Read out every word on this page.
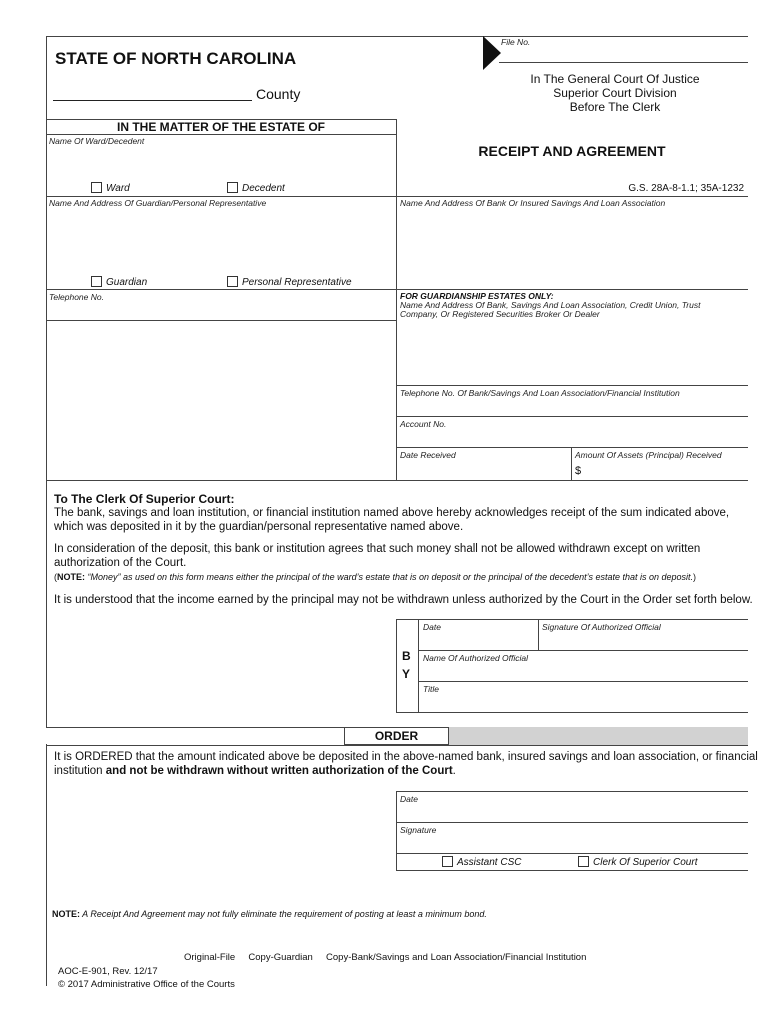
File No.
STATE OF NORTH CAROLINA
County
In The General Court Of Justice
Superior Court Division
Before The Clerk
IN THE MATTER OF THE ESTATE OF
Name Of Ward/Decedent
RECEIPT AND AGREEMENT
Ward	Decedent	G.S. 28A-8-1.1; 35A-1232
Name And Address Of Guardian/Personal Representative	Name And Address Of Bank Or Insured Savings And Loan Association
Guardian	Personal Representative
Telephone No.	FOR GUARDIANSHIP ESTATES ONLY:
Name And Address Of Bank, Savings And Loan Association, Credit Union, Trust
Company, Or Registered Securities Broker Or Dealer
Telephone No. Of Bank/Savings And Loan Association/Financial Institution
Account No.
Date Received	Amount Of Assets (Principal) Received
$
To The Clerk Of Superior Court:
The bank, savings and loan institution, or financial institution named above hereby acknowledges receipt of the sum indicated above,
which was deposited in it by the guardian/personal representative named above.
In consideration of the deposit, this bank or institution agrees that such money shall not be allowed withdrawn except on written
authorization of the Court.
(NOTE: “Money” as used on this form means either the principal of the ward’s estate that is on deposit or the principal of the decedent’s estate that is on deposit.)
It is understood that the income earned by the principal may not be withdrawn unless authorized by the Court in the Order set forth below.
B
Y
Date	Signature Of Authorized Official
Name Of Authorized Official
Title
ORDER
It is ORDERED that the amount indicated above be deposited in the above-named bank, insured savings and loan association, or financial
institution and not be withdrawn without written authorization of the Court.
Date
Signature
Assistant CSC	Clerk Of Superior Court
NOTE: A Receipt And Agreement may not fully eliminate the requirement of posting at least a minimum bond.
Original-File     Copy-Guardian     Copy-Bank/Savings and Loan Association/Financial Institution
AOC-E-901, Rev. 12/17
© 2017 Administrative Office of the Courts
